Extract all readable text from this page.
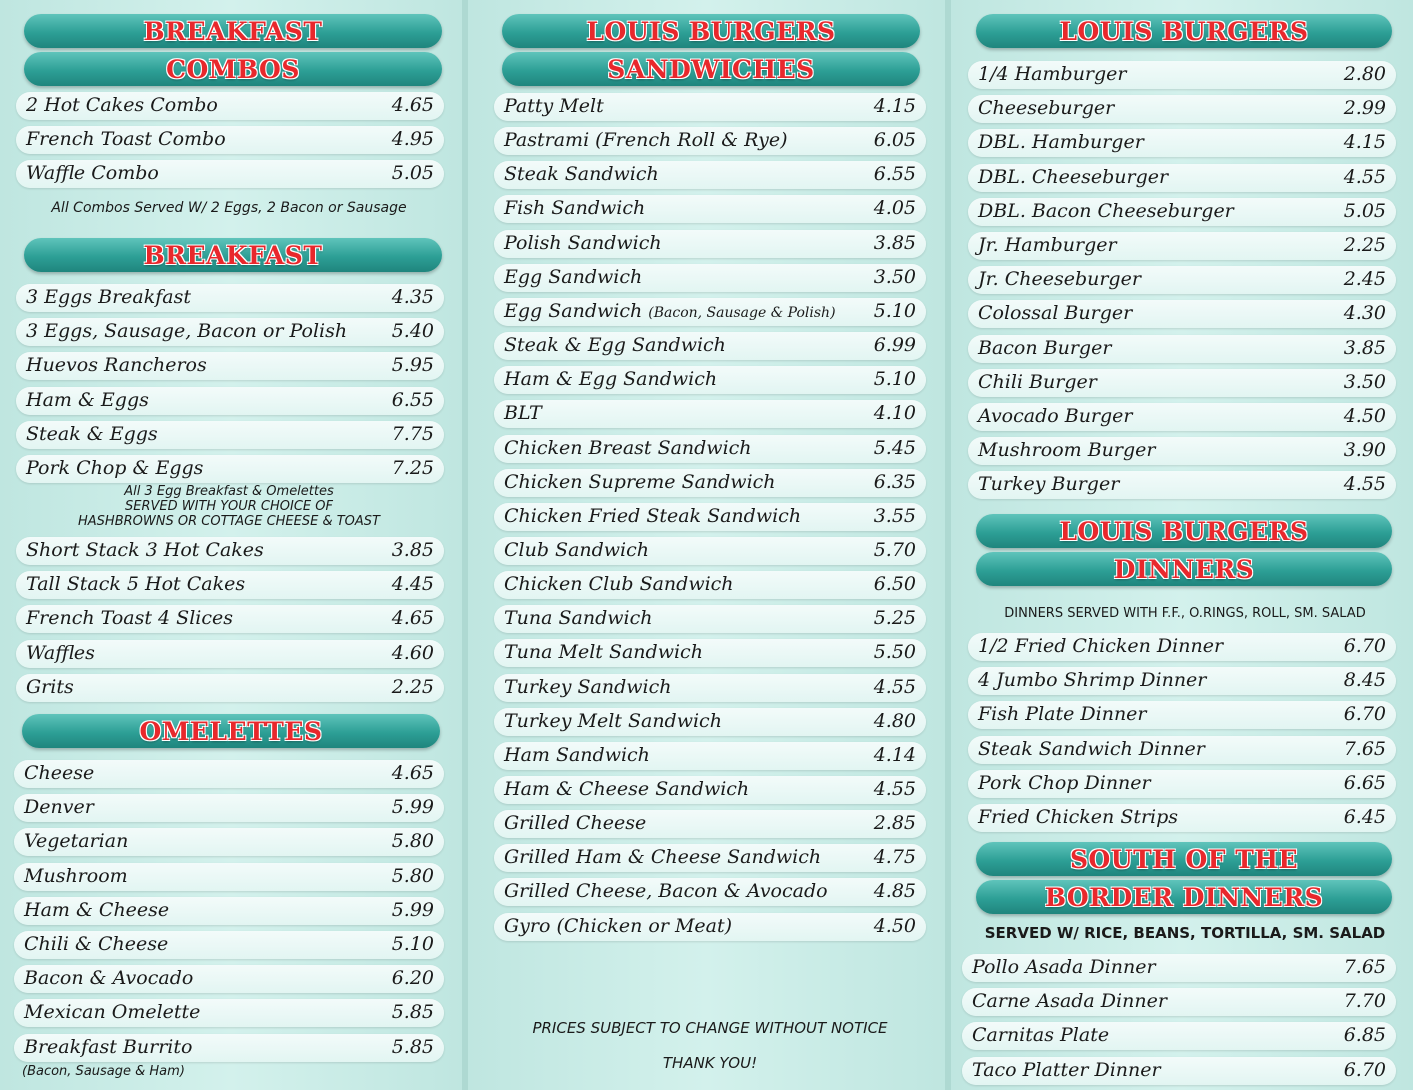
BREAKFAST
COMBOS
2 Hot Cakes Combo	4.65
French Toast Combo	4.95
Waffle Combo	5.05
All Combos Served W/ 2 Eggs, 2 Bacon or Sausage
BREAKFAST
3 Eggs Breakfast	4.35
3 Eggs, Sausage, Bacon or Polish 5.40
Huevos Rancheros	5.95
Ham & Eggs	6.55
Steak & Eggs	7.75
Pork Chop & Eggs	7.25
All 3 Egg Breakfast & Omelettes
SERVED WITH YOUR CHOICE OF
HASHBROWNS OR COTTAGE CHEESE & TOAST
Short Stack 3 Hot Cakes	3.85
Tall Stack 5 Hot Cakes	4.45
French Toast 4 Slices	4.65
Waffles	4.60
Grits	2.25
OMELETTES
Cheese	4.65
Denver	5.99
Vegetarian	5.80
Mushroom	5.80
Ham & Cheese	5.99
Chili & Cheese	5.10
Bacon & Avocado	6.20
Mexican Omelette	5.85
Breakfast Burrito	5.85
(Bacon, Sausage & Ham)
LOUIS BURGERS
SANDWICHES
Patty Melt	4.15
Pastrami (French Roll & Rye)	6.05
Steak Sandwich	6.55
Fish Sandwich	4.05
Polish Sandwich	3.85
Egg Sandwich	3.50
Egg Sandwich (Bacon, Sausage & Polish) 5.10
Steak & Egg Sandwich	6.99
Ham & Egg Sandwich	5.10
BLT	4.10
Chicken Breast Sandwich	5.45
Chicken Supreme Sandwich	6.35
Chicken Fried Steak Sandwich	3.55
Club Sandwich	5.70
Chicken Club Sandwich	6.50
Tuna Sandwich	5.25
Tuna Melt Sandwich	5.50
Turkey Sandwich	4.55
Turkey Melt Sandwich	4.80
Ham Sandwich	4.14
Ham & Cheese Sandwich	4.55
Grilled Cheese	2.85
Grilled Ham & Cheese Sandwich	4.75
Grilled Cheese, Bacon & Avocado 4.85
Gyro (Chicken or Meat)	4.50
PRICES SUBJECT TO CHANGE WITHOUT NOTICE
THANK YOU!
LOUIS BURGERS
1/4 Hamburger	2.80
Cheeseburger	2.99
DBL. Hamburger	4.15
DBL. Cheeseburger	4.55
DBL. Bacon Cheeseburger	5.05
Jr. Hamburger	2.25
Jr. Cheeseburger	2.45
Colossal Burger	4.30
Bacon Burger	3.85
Chili Burger	3.50
Avocado Burger	4.50
Mushroom Burger	3.90
Turkey Burger	4.55
LOUIS BURGERS
DINNERS
DINNERS SERVED WITH F.F., O.RINGS, ROLL, SM. SALAD
1/2 Fried Chicken Dinner	6.70
4 Jumbo Shrimp Dinner	8.45
Fish Plate Dinner	6.70
Steak Sandwich Dinner	7.65
Pork Chop Dinner	6.65
Fried Chicken Strips	6.45
SOUTH OF THE
BORDER DINNERS
SERVED W/ RICE, BEANS, TORTILLA, SM. SALAD
Pollo Asada Dinner	7.65
Carne Asada Dinner	7.70
Carnitas Plate	6.85
Taco Platter Dinner	6.70
